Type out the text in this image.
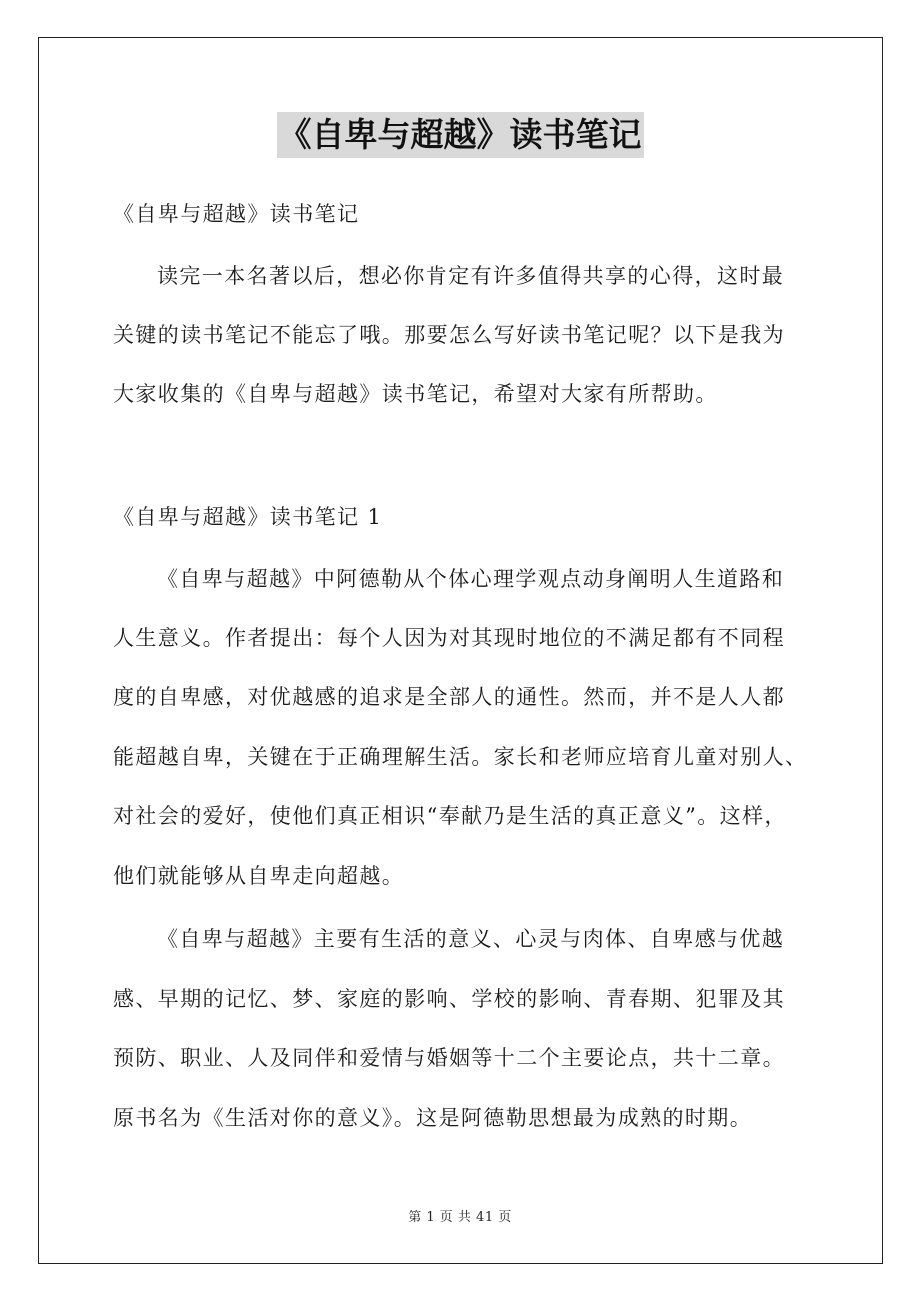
《自卑与超越》读书笔记
《自卑与超越》读书笔记
读完一本名著以后，想必你肯定有许多值得共享的心得，这时最
关键的读书笔记不能忘了哦。那要怎么写好读书笔记呢？以下是我为
大家收集的《自卑与超越》读书笔记，希望对大家有所帮助。
《自卑与超越》读书笔记 1
《自卑与超越》中阿德勒从个体心理学观点动身阐明人生道路和
人生意义。作者提出：每个人因为对其现时地位的不满足都有不同程
度的自卑感，对优越感的追求是全部人的通性。然而，并不是人人都
能超越自卑，关键在于正确理解生活。家长和老师应培育儿童对别人、
对社会的爱好，使他们真正相识“奉献乃是生活的真正意义”。这样，
他们就能够从自卑走向超越。
《自卑与超越》主要有生活的意义、心灵与肉体、自卑感与优越
感、早期的记忆、梦、家庭的影响、学校的影响、青春期、犯罪及其
预防、职业、人及同伴和爱情与婚姻等十二个主要论点，共十二章。
原书名为《生活对你的意义》。这是阿德勒思想最为成熟的时期。
第 1 页 共 41 页
